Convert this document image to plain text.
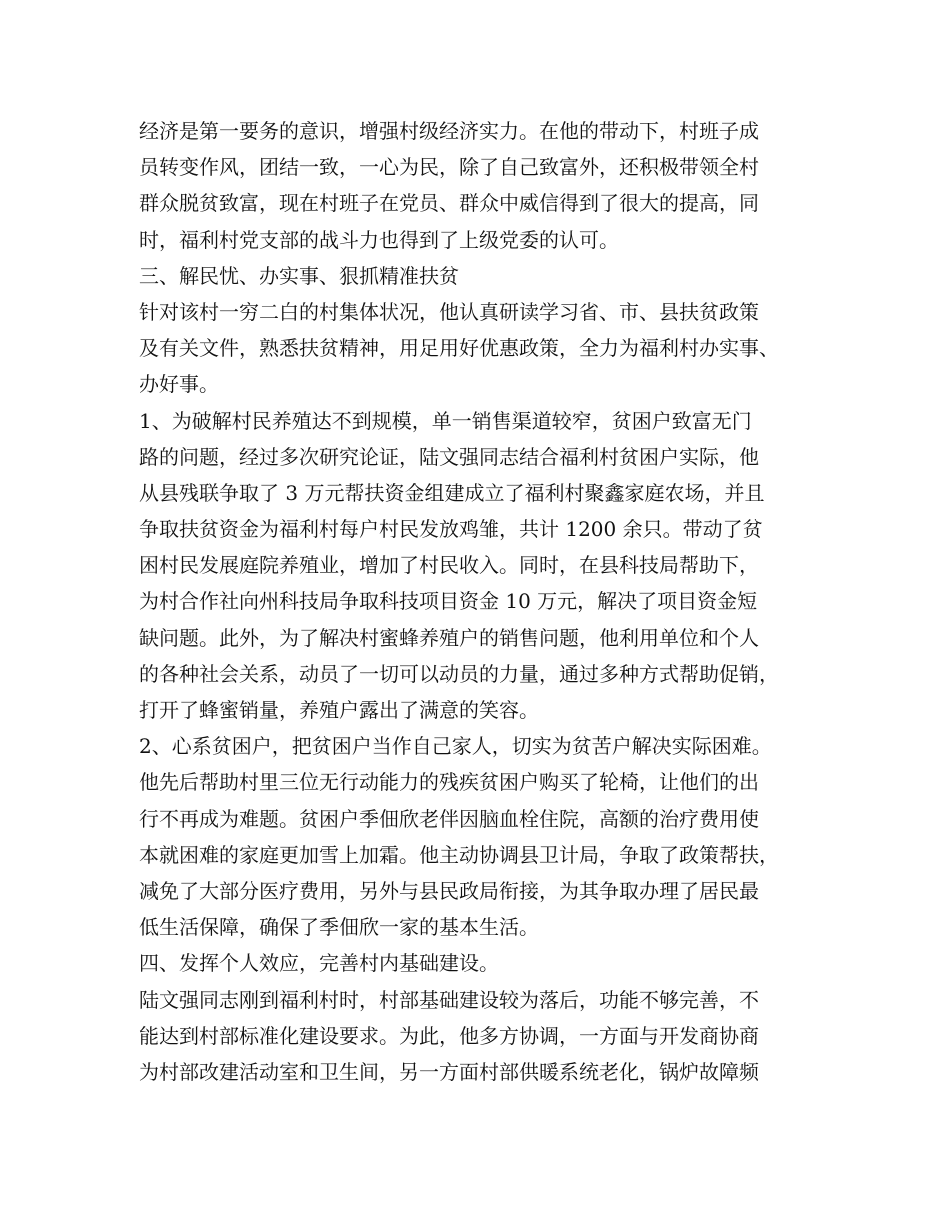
经济是第一要务的意识，增强村级经济实力。在他的带动下，村班子成
员转变作风，团结一致，一心为民，除了自己致富外，还积极带领全村
群众脱贫致富，现在村班子在党员、群众中威信得到了很大的提高，同
时，福利村党支部的战斗力也得到了上级党委的认可。
三、解民忧、办实事、狠抓精准扶贫
针对该村一穷二白的村集体状况，他认真研读学习省、市、县扶贫政策
及有关文件，熟悉扶贫精神，用足用好优惠政策，全力为福利村办实事、
办好事。
1、为破解村民养殖达不到规模，单一销售渠道较窄，贫困户致富无门
路的问题，经过多次研究论证，陆文强同志结合福利村贫困户实际，他
从县残联争取了 3 万元帮扶资金组建成立了福利村聚鑫家庭农场，并且
争取扶贫资金为福利村每户村民发放鸡雏，共计 1200 余只。带动了贫
困村民发展庭院养殖业，增加了村民收入。同时，在县科技局帮助下，
为村合作社向州科技局争取科技项目资金 10 万元，解决了项目资金短
缺问题。此外，为了解决村蜜蜂养殖户的销售问题，他利用单位和个人
的各种社会关系，动员了一切可以动员的力量，通过多种方式帮助促销，
打开了蜂蜜销量，养殖户露出了满意的笑容。
2、心系贫困户，把贫困户当作自己家人，切实为贫苦户解决实际困难。
他先后帮助村里三位无行动能力的残疾贫困户购买了轮椅，让他们的出
行不再成为难题。贫困户季佃欣老伴因脑血栓住院，高额的治疗费用使
本就困难的家庭更加雪上加霜。他主动协调县卫计局，争取了政策帮扶，
减免了大部分医疗费用，另外与县民政局衔接，为其争取办理了居民最
低生活保障，确保了季佃欣一家的基本生活。
四、发挥个人效应，完善村内基础建设。
陆文强同志刚到福利村时，村部基础建设较为落后，功能不够完善，不
能达到村部标准化建设要求。为此，他多方协调，一方面与开发商协商
为村部改建活动室和卫生间，另一方面村部供暖系统老化，锅炉故障频
